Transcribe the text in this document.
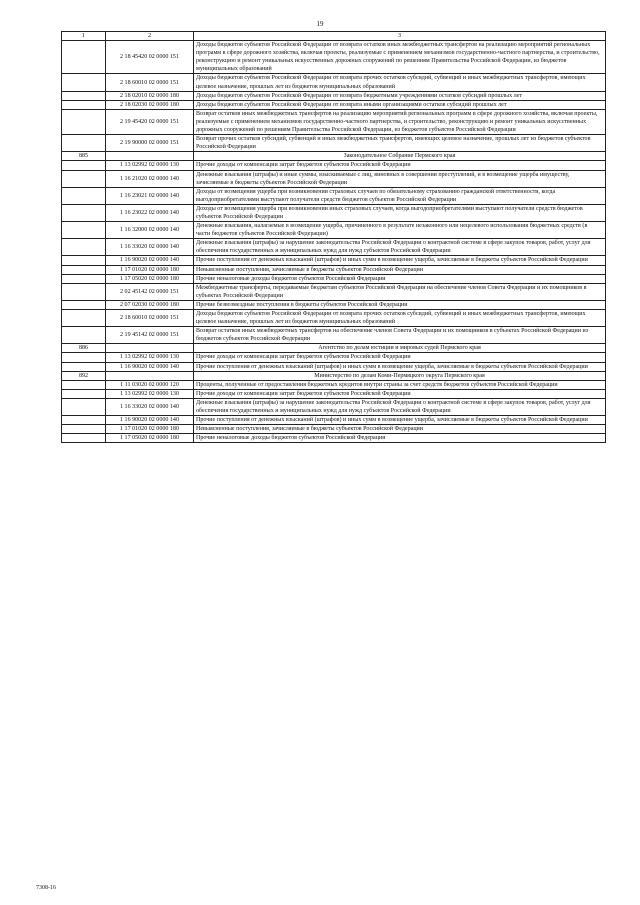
19
1	2	3
	2 18 45420 02 0000 151	Доходы бюджетов субъектов Российской Федерации от возврата остатков иных межбюджетных трансфертов на реализацию мероприятий региональных программ в сфере дорожного хозяйства, включая проекты, реализуемые с применением механизмов государственно-частного партнерства, и строительство, реконструкцию и ремонт уникальных искусственных дорожных сооружений по решениям Правительства Российской Федерации, из бюджетов муниципальных образований
	2 18 60010 02 0000 151	Доходы бюджетов субъектов Российской Федерации от возврата прочих остатков субсидий, субвенций и иных межбюджетных трансфертов, имеющих целевое назначение, прошлых лет из бюджетов муниципальных образований
	2 18 02010 02 0000 180	Доходы бюджетов субъектов Российской Федерации от возврата бюджетными учреждениями остатков субсидий прошлых лет
	2 18 02030 02 0000 180	Доходы бюджетов субъектов Российской Федерации от возврата иными организациями остатков субсидий прошлых лет
	2 19 45420 02 0000 151	Возврат остатков иных межбюджетных трансфертов на реализацию мероприятий региональных программ в сфере дорожного хозяйства, включая проекты, реализуемые с применением механизмов государственно-частного партнерства, и строительство, реконструкцию и ремонт уникальных искусственных дорожных сооружений по решениям Правительства Российской Федерации, из бюджетов субъектов Российской Федерации
	2 19 90000 02 0000 151	Возврат прочих остатков субсидий, субвенций и иных межбюджетных трансфертов, имеющих целевое назначение, прошлых лет из бюджетов субъектов Российской Федерации
885		Законодательное Собрание Пермского края
	1 13 02992 02 0000 130	Прочие доходы от компенсации затрат бюджетов субъектов Российской Федерации
	1 16 21020 02 0000 140	Денежные взыскания (штрафы) и иные суммы, взыскиваемые с лиц, виновных в совершении преступлений, и в возмещение ущерба имуществу, зачисляемые в бюджеты субъектов Российской Федерации
	1 16 23021 02 0000 140	Доходы от возмещения ущерба при возникновении страховых случаев по обязательному страхованию гражданской ответственности, когда выгодоприобретателями выступают получатели средств бюджетов субъектов Российской Федерации
	1 16 23022 02 0000 140	Доходы от возмещения ущерба при возникновении иных страховых случаев, когда выгодоприобретателями выступают получатели средств бюджетов субъектов Российской Федерации
	1 16 32000 02 0000 140	Денежные взыскания, налагаемые в возмещение ущерба, причиненного в результате незаконного или нецелевого использования бюджетных средств (в части бюджетов субъектов Российской Федерации)
	1 16 33020 02 0000 140	Денежные взыскания (штрафы) за нарушение законодательства Российской Федерации о контрактной системе в сфере закупок товаров, работ, услуг для обеспечения государственных и муниципальных нужд для нужд субъектов Российской Федерации
	1 16 90020 02 0000 140	Прочие поступления от денежных взысканий (штрафов) и иных сумм в возмещение ущерба, зачисляемые в бюджеты субъектов Российской Федерации
	1 17 01020 02 0000 180	Невыясненные поступления, зачисляемые в бюджеты субъектов Российской Федерации
	1 17 05020 02 0000 180	Прочие неналоговые доходы бюджетов субъектов Российской Федерации
	2 02 45142 02 0000 151	Межбюджетные трансферты, передаваемые бюджетам субъектов Российской Федерации на обеспечение членов Совета Федерации и их помощников в субъектах Российской Федерации
	2 07 02030 02 0000 180	Прочие безвозмездные поступления в бюджеты субъектов Российской Федерации
	2 18 60010 02 0000 151	Доходы бюджетов субъектов Российской Федерации от возврата прочих остатков субсидий, субвенций и иных межбюджетных трансфертов, имеющих целевое назначение, прошлых лет из бюджетов муниципальных образований
	2 19 45142 02 0000 151	Возврат остатков иных межбюджетных трансфертов на обеспечение членов Совета Федерации и их помощников в субъектах Российской Федерации из бюджетов субъектов Российской Федерации
886		Агентство по делам юстиции и мировых судей Пермского края
	1 13 02992 02 0000 130	Прочие доходы от компенсации затрат бюджетов субъектов Российской Федерации
	1 16 90020 02 0000 140	Прочие поступления от денежных взысканий (штрафов) и иных сумм в возмещение ущерба, зачисляемые в бюджеты субъектов Российской Федерации
892		Министерство по делам Коми-Пермяцкого округа Пермского края
	1 11 03020 02 0000 120	Проценты, полученные от предоставления бюджетных кредитов внутри страны за счет средств бюджетов субъектов Российской Федерации
	1 13 02992 02 0000 130	Прочие доходы от компенсации затрат бюджетов субъектов Российской Федерации
	1 16 33020 02 0000 140	Денежные взыскания (штрафы) за нарушение законодательства Российской Федерации о контрактной системе в сфере закупок товаров, работ, услуг для обеспечения государственных и муниципальных нужд для нужд субъектов Российской Федерации
	1 16 90020 02 0000 140	Прочие поступления от денежных взысканий (штрафов) и иных сумм в возмещение ущерба, зачисляемые в бюджеты субъектов Российской Федерации
	1 17 01020 02 0000 180	Невыясненные поступления, зачисляемые в бюджеты субъектов Российской Федерации
	1 17 05020 02 0000 180	Прочие неналоговые доходы бюджетов субъектов Российской Федерации
7308-16
